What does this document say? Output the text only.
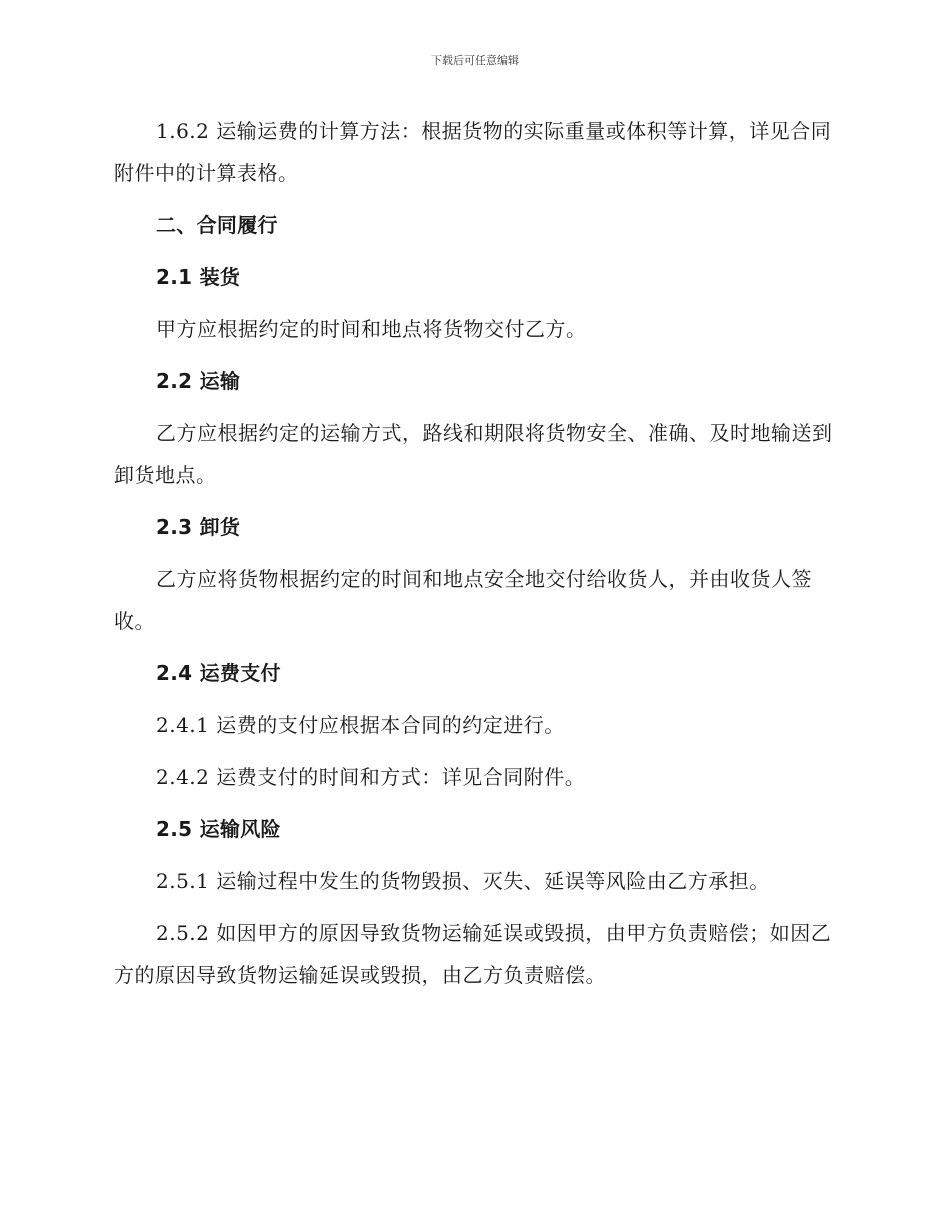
下载后可任意编辑

1.6.2 运输运费的计算方法：根据货物的实际重量或体积等计算，详见合同附件中的计算表格。

二、合同履行

2.1 装货

甲方应根据约定的时间和地点将货物交付乙方。

2.2 运输

乙方应根据约定的运输方式，路线和期限将货物安全、准确、及时地输送到卸货地点。

2.3 卸货

乙方应将货物根据约定的时间和地点安全地交付给收货人，并由收货人签收。

2.4 运费支付

2.4.1 运费的支付应根据本合同的约定进行。

2.4.2 运费支付的时间和方式：详见合同附件。

2.5 运输风险

2.5.1 运输过程中发生的货物毁损、灭失、延误等风险由乙方承担。

2.5.2 如因甲方的原因导致货物运输延误或毁损，由甲方负责赔偿；如因乙方的原因导致货物运输延误或毁损，由乙方负责赔偿。
